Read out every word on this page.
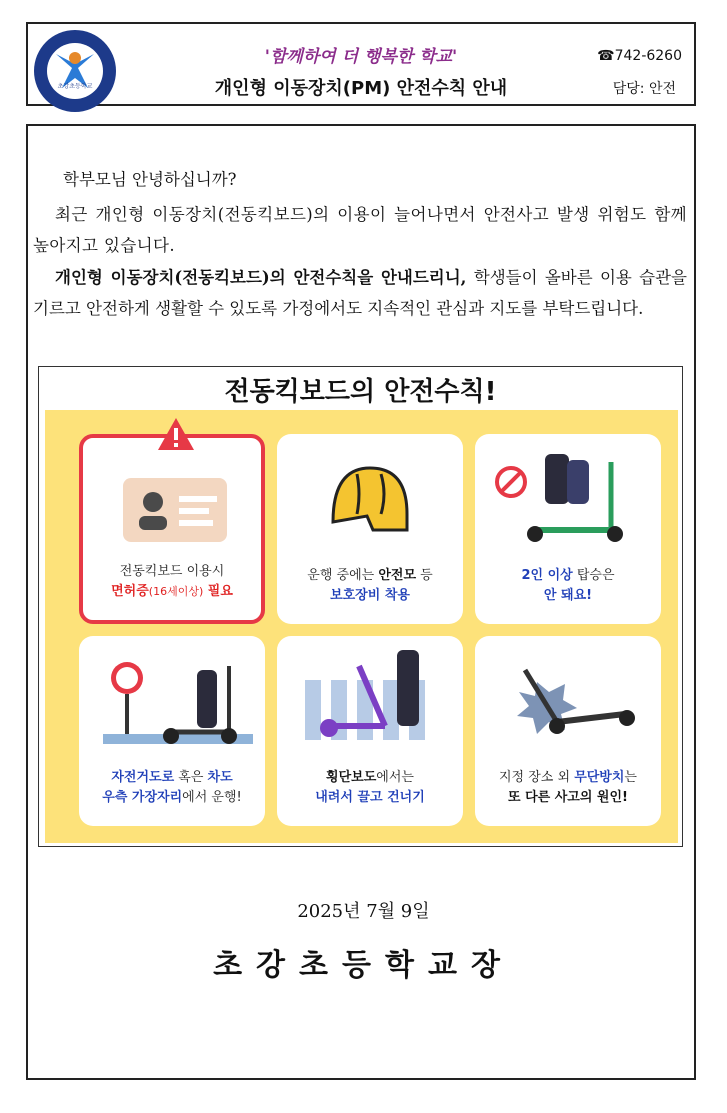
초강초등학교
'함께하여 더 행복한 학교'
개인형 이동장치(PM) 안전수칙 안내
☎742-6260
담당: 안전
학부모님 안녕하십니까?
최근 개인형 이동장치(전동킥보드)의 이용이 늘어나면서 안전사고 발생 위험도 함께 높아지고 있습니다.
개인형 이동장치(전동킥보드)의 안전수칙을 안내드리니, 학생들이 올바른 이용 습관을 기르고 안전하게 생활할 수 있도록 가정에서도 지속적인 관심과 지도를 부탁드립니다.
전동킥보드의 안전수칙!
전동킥보드 이용시
면허증(16세이상) 필요
운행 중에는 안전모 등
보호장비 착용
2인 이상 탑승은
안 돼요!
자전거도로 혹은 차도
우측 가장자리에서 운행!
횡단보도에서는
내려서 끌고 건너기
지정 장소 외 무단방치는
또 다른 사고의 원인!
2025년 7월 9일
초강초등학교장
